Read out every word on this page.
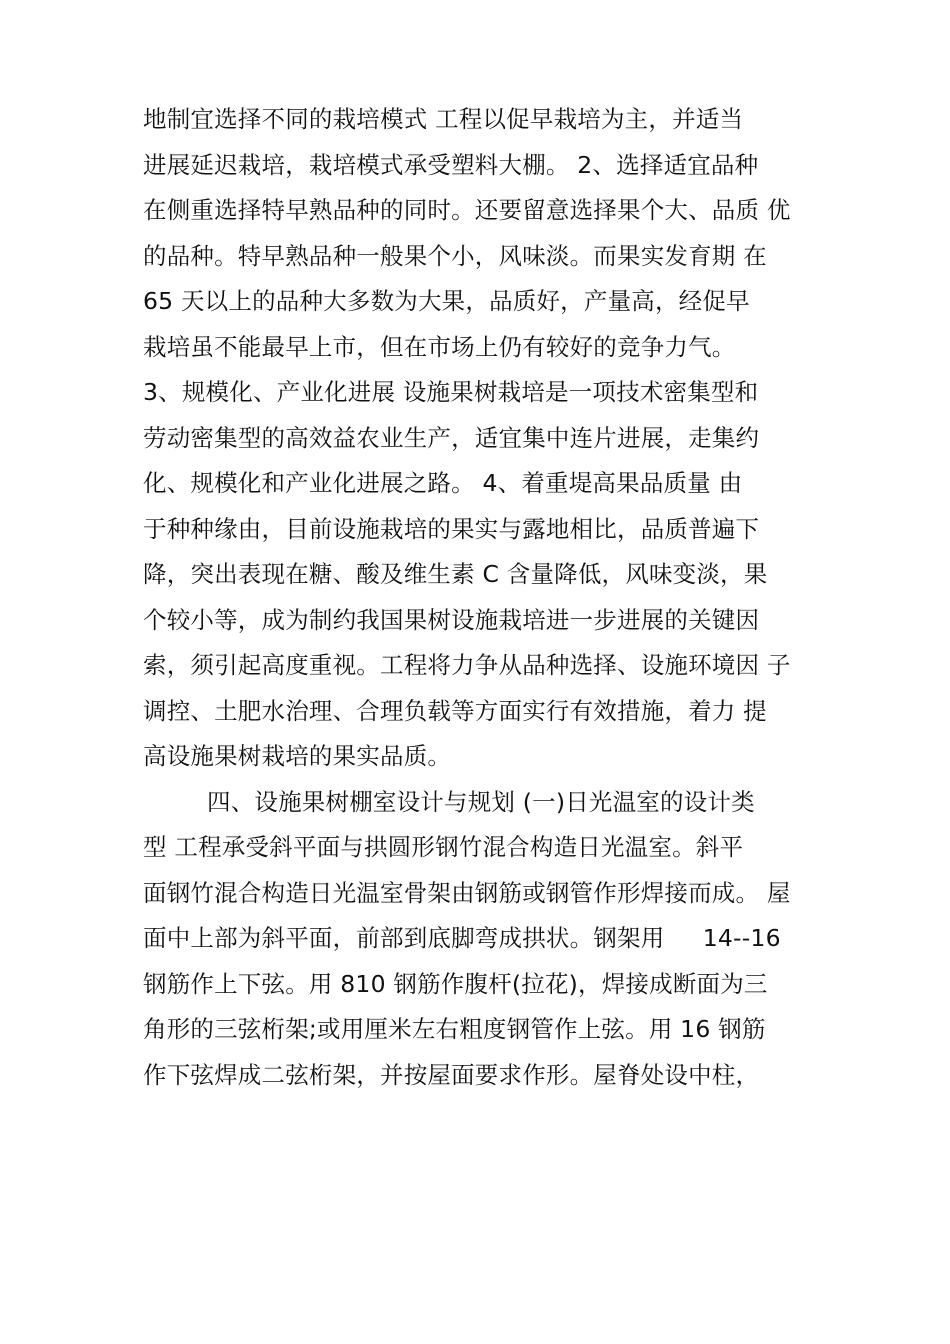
地制宜选择不同的栽培模式 工程以促早栽培为主，并适当
进展延迟栽培，栽培模式承受塑料大棚。 2、选择适宜品种
在侧重选择特早熟品种的同时。还要留意选择果个大、品质 优
的品种。特早熟品种一般果个小，风味淡。而果实发育期 在
65 天以上的品种大多数为大果，品质好，产量高，经促早
栽培虽不能最早上市，但在市场上仍有较好的竞争力气。
3、规模化、产业化进展 设施果树栽培是一项技术密集型和
劳动密集型的高效益农业生产，适宜集中连片进展，走集约
化、规模化和产业化进展之路。 4、着重堤高果品质量 由
于种种缘由，目前设施栽培的果实与露地相比，品质普遍下
降，突出表现在糖、酸及维生素 C 含量降低，风味变淡，果
个较小等，成为制约我国果树设施栽培进一步进展的关键因
索，须引起高度重视。工程将力争从品种选择、设施环境因 子
调控、土肥水治理、合理负载等方面实行有效措施，着力 提
高设施果树栽培的果实品质。
四、设施果树棚室设计与规划 (一)日光温室的设计类
型 工程承受斜平面与拱圆形钢竹混合构造日光温室。斜平
面钢竹混合构造日光温室骨架由钢筋或钢管作形焊接而成。 屋
面中上部为斜平面，前部到底脚弯成拱状。钢架用     14--16
钢筋作上下弦。用 810 钢筋作腹杆(拉花)，焊接成断面为三
角形的三弦桁架;或用厘米左右粗度钢管作上弦。用 16 钢筋
作下弦焊成二弦桁架，并按屋面要求作形。屋脊处设中柱，
